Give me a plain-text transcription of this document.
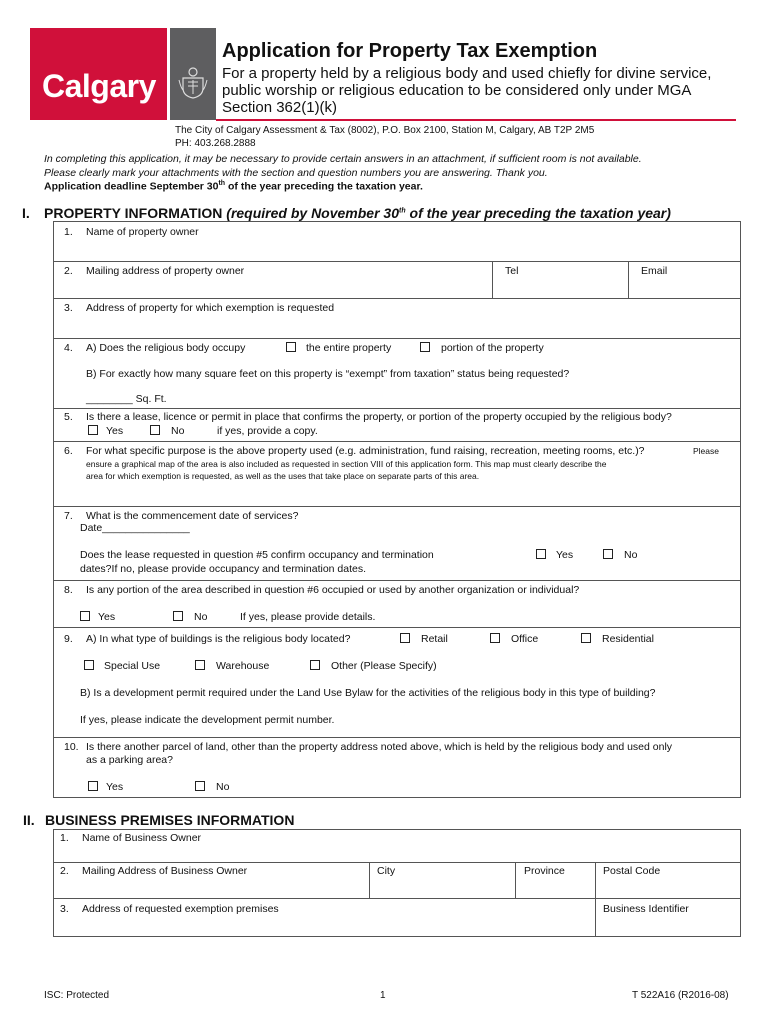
Calgary
Application for Property Tax Exemption
For a property held by a religious body and used chiefly for divine service,
public worship or religious education to be considered only under MGA
Section 362(1)(k)
The City of Calgary Assessment & Tax (8002), P.O. Box 2100, Station M, Calgary, AB T2P 2M5
PH: 403.268.2888
In completing this application, it may be necessary to provide certain answers in an attachment, if sufficient room is not available.
Please clearly mark your attachments with the section and question numbers you are answering. Thank you.
Application deadline September 30th of the year preceding the taxation year.
I. PROPERTY INFORMATION (required by November 30th of the year preceding the taxation year)
1. Name of property owner
2. Mailing address of property owner	Tel	Email
3. Address of property for which exemption is requested
4. A) Does the religious body occupy	the entire property	portion of the property
B) For exactly how many square feet on this property is “exempt” from taxation” status being requested?
________ Sq. Ft.
5. Is there a lease, licence or permit in place that confirms the property, or portion of the property occupied by the religious body?
Yes	No	if yes, provide a copy.
6. For what specific purpose is the above property used (e.g. administration, fund raising, recreation, meeting rooms, etc.)?	Please
ensure a graphical map of the area is also included as requested in section VIII of this application form. This map must clearly describe the
area for which exemption is requested, as well as the uses that take place on separate parts of this area.
7. What is the commencement date of services?
Date_______________
Does the lease requested in question #5 confirm occupancy and termination
dates?If no, please provide occupancy and termination dates.
Yes	No
8. Is any portion of the area described in question #6 occupied or used by another organization or individual?
Yes	No	If yes, please provide details.
9. A) In what type of buildings is the religious body located?	Retail	Office	Residential
Special Use	Warehouse	Other (Please Specify)
B) Is a development permit required under the Land Use Bylaw for the activities of the religious body in this type of building?
If yes, please indicate the development permit number.
10. Is there another parcel of land, other than the property address noted above, which is held by the religious body and used only
as a parking area?
Yes	No
II. BUSINESS PREMISES INFORMATION
1. Name of Business Owner
2. Mailing Address of Business Owner	City	Province	Postal Code
3. Address of requested exemption premises	Business Identifier
ISC: Protected	1	T 522A16 (R2016-08)
